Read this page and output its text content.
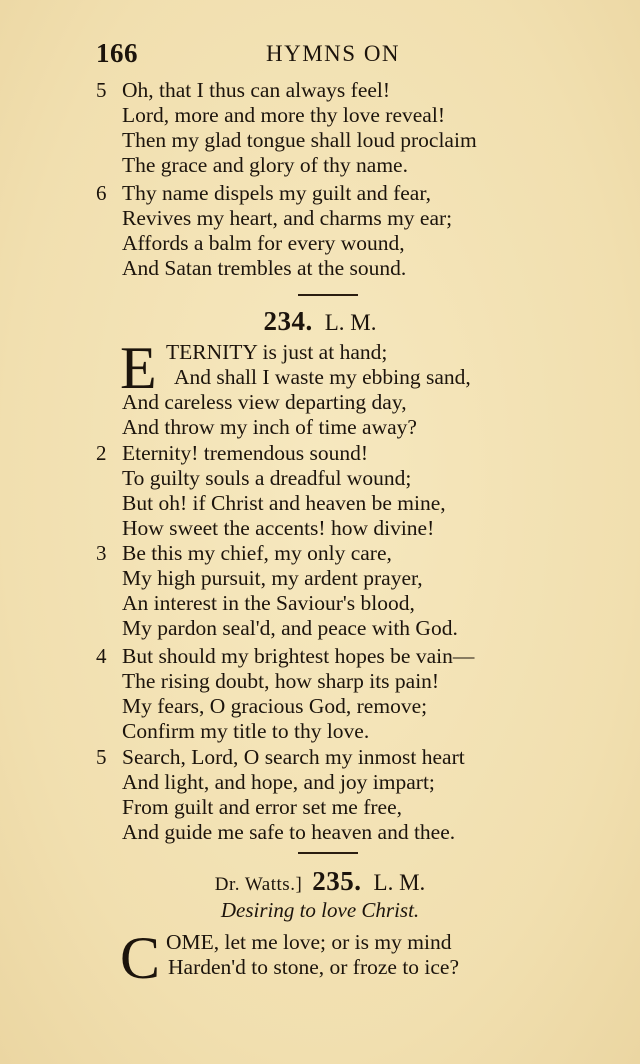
166	HYMNS ON
5 Oh, that I thus can always feel!
Lord, more and more thy love reveal!
Then my glad tongue shall loud proclaim
The grace and glory of thy name.
6 Thy name dispels my guilt and fear,
Revives my heart, and charms my ear;
Affords a balm for every wound,
And Satan trembles at the sound.
234. L. M.
E TERNITY is just at hand;
And shall I waste my ebbing sand,
And careless view departing day,
And throw my inch of time away?
2 Eternity! tremendous sound!
To guilty souls a dreadful wound;
But oh! if Christ and heaven be mine,
How sweet the accents! how divine!
3 Be this my chief, my only care,
My high pursuit, my ardent prayer,
An interest in the Saviour's blood,
My pardon seal'd, and peace with God.
4 But should my brightest hopes be vain—
The rising doubt, how sharp its pain!
My fears, O gracious God, remove;
Confirm my title to thy love.
5 Search, Lord, O search my inmost heart
And light, and hope, and joy impart;
From guilt and error set me free,
And guide me safe to heaven and thee.
Dr. Watts.] 235. L. M.
Desiring to love Christ.
C OME, let me love; or is my mind
Harden'd to stone, or froze to ice?
